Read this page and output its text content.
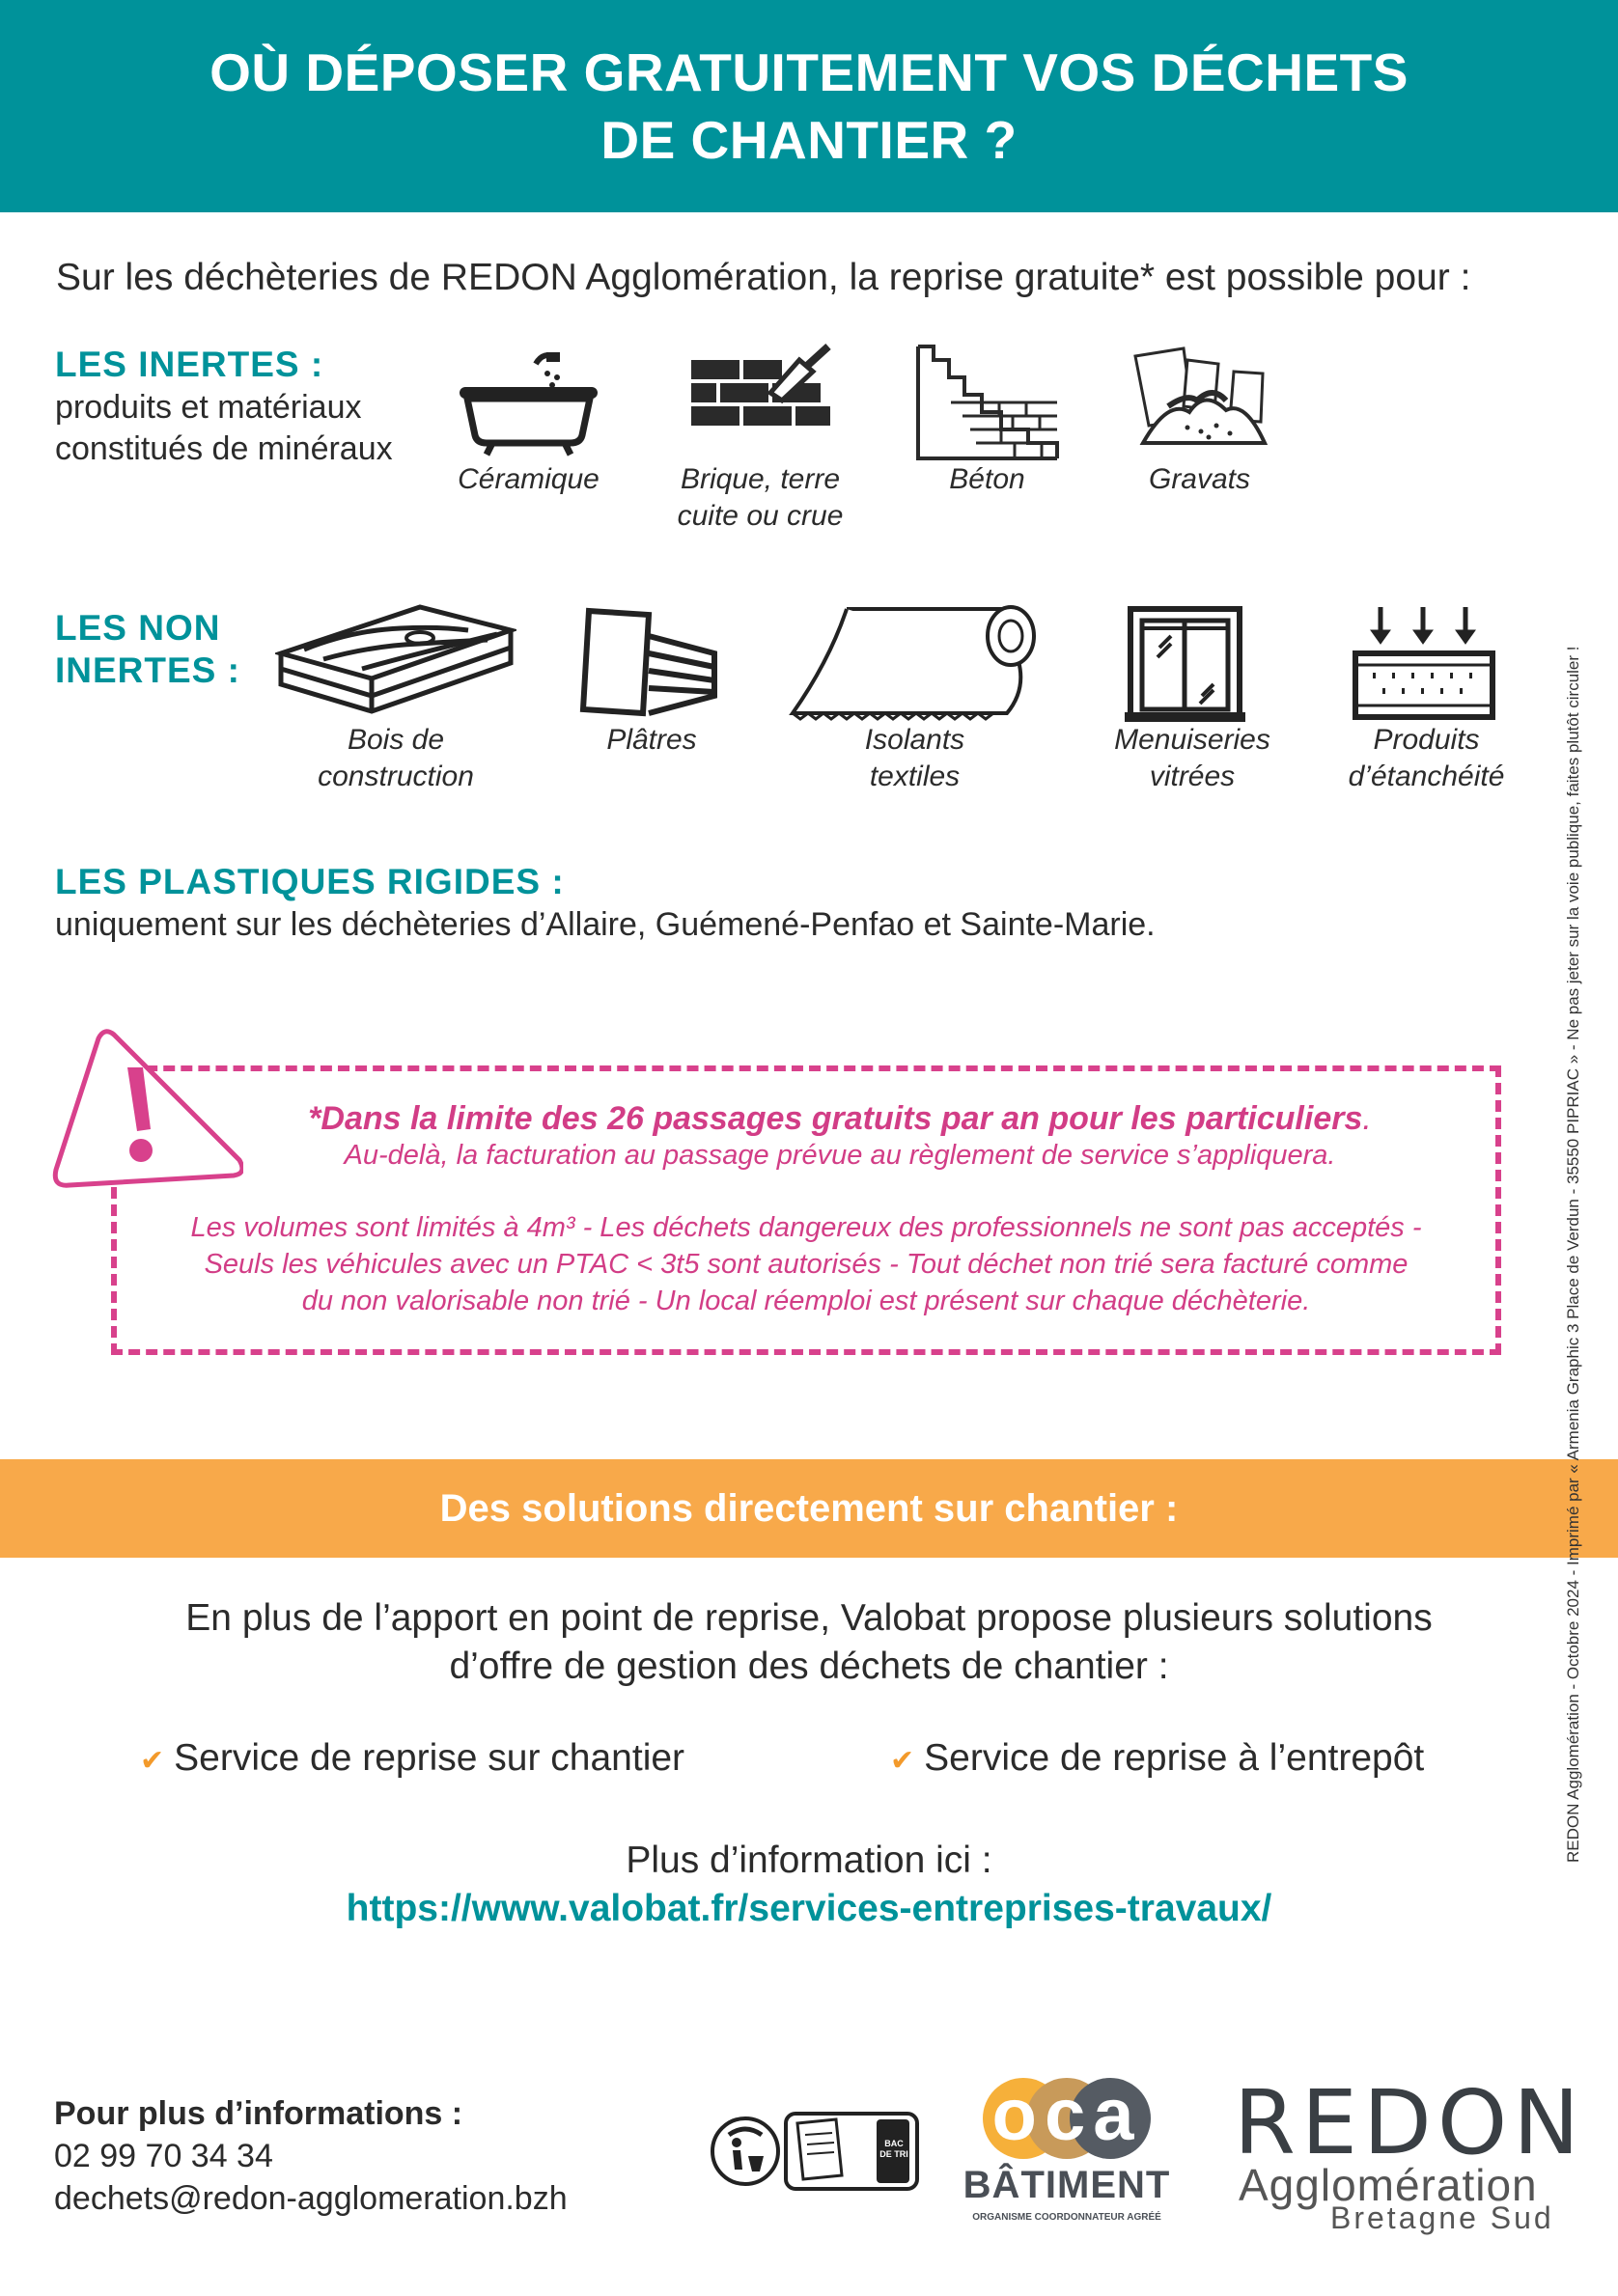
OÙ DÉPOSER GRATUITEMENT VOS DÉCHETS
DE CHANTIER ?
Sur les déchèteries de REDON Agglomération, la reprise gratuite* est possible pour :
LES INERTES :
produits et matériaux
constitués de minéraux
Céramique	Brique, terre
cuite ou crue
Béton	Gravats
LES NON
INERTES :
Bois de
construction
Plâtres	Isolants
textiles
Menuiseries
vitrées
Produits
d’étanchéité
LES PLASTIQUES RIGIDES :
uniquement sur les déchèteries d’Allaire, Guémené-Penfao et Sainte-Marie.
*Dans la limite des 26 passages gratuits par an pour les particuliers.
Au-delà, la facturation au passage prévue au règlement de service s’appliquera.
Les volumes sont limités à 4m³ - Les déchets dangereux des professionnels ne sont pas acceptés -
Seuls les véhicules avec un PTAC < 3t5 sont autorisés - Tout déchet non trié sera facturé comme
du non valorisable non trié - Un local réemploi est présent sur chaque déchèterie.
Des solutions directement sur chantier :
En plus de l’apport en point de reprise, Valobat propose plusieurs solutions
d’offre de gestion des déchets de chantier :
✔ Service de reprise sur chantier	✔ Service de reprise à l’entrepôt
Plus d’information ici :
https://www.valobat.fr/services-entreprises-travaux/
Pour plus d’informations :
02 99 70 34 34
dechets@redon-agglomeration.bzh
BAC DE TRI oca
BÂTIMENT
ORGANISME COORDONNATEUR AGRÉÉ
REDON
Agglomération
Bretagne Sud
REDON Agglomération - Octobre 2024 - Imprimé par « Armenia Graphic 3 Place de Verdun - 35550 PIPRIAC » - Ne pas jeter sur la voie publique, faites plutôt circuler !
